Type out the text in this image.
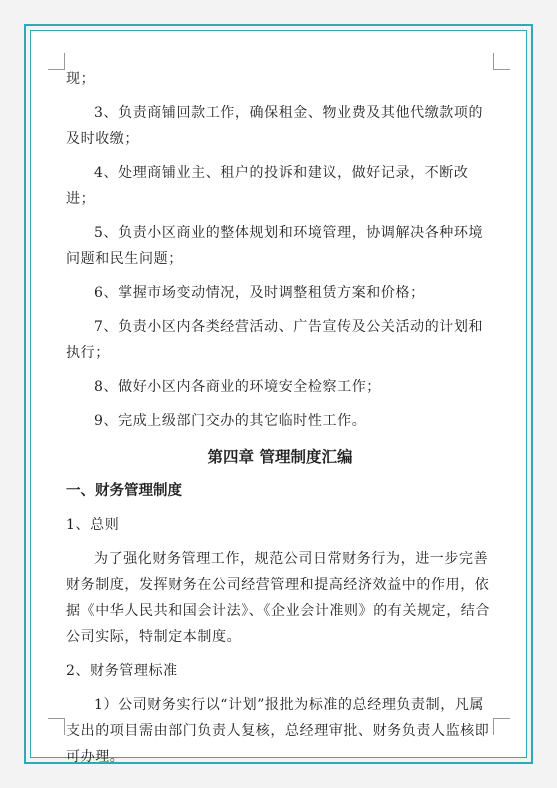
现；

3、负责商铺回款工作，确保租金、物业费及其他代缴款项的及时收缴；

4、处理商铺业主、租户的投诉和建议，做好记录，不断改进；

5、负责小区商业的整体规划和环境管理，协调解决各种环境问题和民生问题；

6、掌握市场变动情况，及时调整租赁方案和价格；

7、负责小区内各类经营活动、广告宣传及公关活动的计划和执行；

8、做好小区内各商业的环境安全检察工作；

9、完成上级部门交办的其它临时性工作。

第四章 管理制度汇编

一、财务管理制度

1、总则

为了强化财务管理工作，规范公司日常财务行为，进一步完善财务制度，发挥财务在公司经营管理和提高经济效益中的作用，依据《中华人民共和国会计法》、《企业会计准则》的有关规定，结合公司实际，特制定本制度。

2、财务管理标准

1）公司财务实行以“计划”报批为标准的总经理负责制，凡属支出的项目需由部门负责人复核，总经理审批、财务负责人监核即可办理。
